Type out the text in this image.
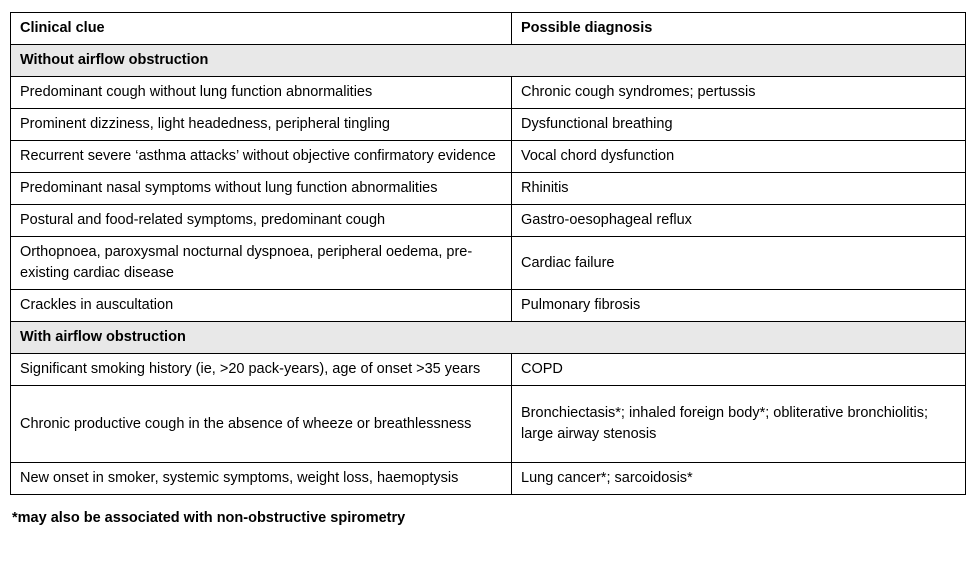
Clinical clue	Possible diagnosis
Without airflow obstruction	
Predominant cough without lung function abnormalities	Chronic cough syndromes; pertussis
Prominent dizziness, light headedness, peripheral tingling	Dysfunctional breathing
Recurrent severe ‘asthma attacks’ without objective confirmatory evidence	Vocal chord dysfunction
Predominant nasal symptoms without lung function abnormalities	Rhinitis
Postural and food-related symptoms, predominant cough	Gastro-oesophageal reflux
Orthopnoea, paroxysmal nocturnal dyspnoea, peripheral oedema, pre-existing cardiac disease	Cardiac failure
Crackles in auscultation	Pulmonary fibrosis
With airflow obstruction	
Significant smoking history (ie, >20 pack-years), age of onset >35 years	COPD
Chronic productive cough in the absence of wheeze or breathlessness	Bronchiectasis*; inhaled foreign body*; obliterative bronchiolitis; large airway stenosis
New onset in smoker, systemic symptoms, weight loss, haemoptysis	Lung cancer*; sarcoidosis*
*may also be associated with non-obstructive spirometry
